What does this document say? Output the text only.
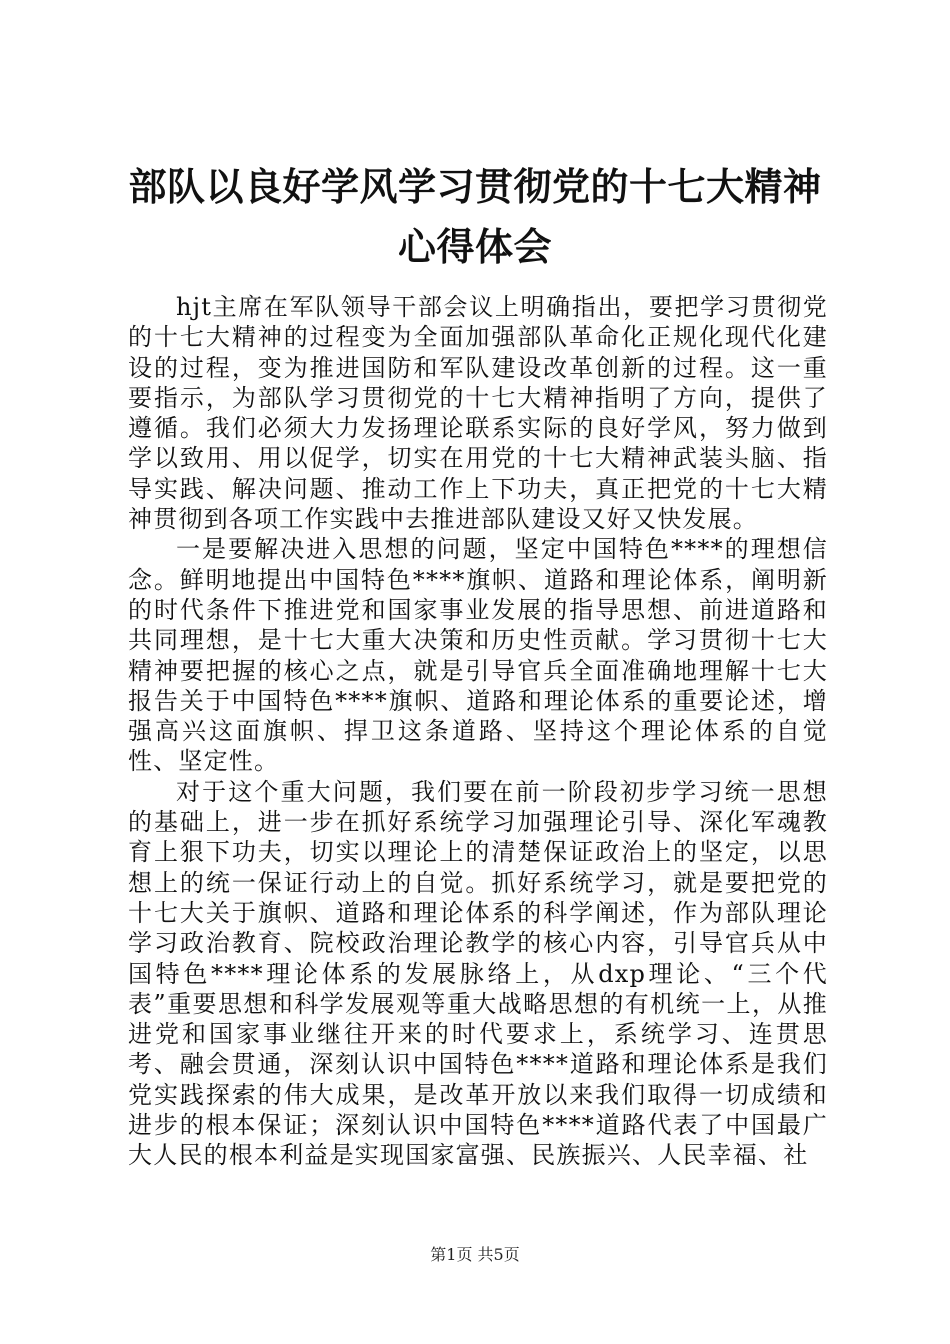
部队以良好学风学习贯彻党的十七大精神心得体会

hjt主席在军队领导干部会议上明确指出，要把学习贯彻党的十七大精神的过程变为全面加强部队革命化正规化现代化建设的过程，变为推进国防和军队建设改革创新的过程。这一重要指示，为部队学习贯彻党的十七大精神指明了方向，提供了遵循。我们必须大力发扬理论联系实际的良好学风，努力做到学以致用、用以促学，切实在用党的十七大精神武装头脑、指导实践、解决问题、推动工作上下功夫，真正把党的十七大精神贯彻到各项工作实践中去推进部队建设又好又快发展。

一是要解决进入思想的问题，坚定中国特色****的理想信念。鲜明地提出中国特色****旗帜、道路和理论体系，阐明新的时代条件下推进党和国家事业发展的指导思想、前进道路和共同理想，是十七大重大决策和历史性贡献。学习贯彻十七大精神要把握的核心之点，就是引导官兵全面准确地理解十七大报告关于中国特色****旗帜、道路和理论体系的重要论述，增强高兴这面旗帜、捍卫这条道路、坚持这个理论体系的自觉性、坚定性。

对于这个重大问题，我们要在前一阶段初步学习统一思想的基础上，进一步在抓好系统学习加强理论引导、深化军魂教育上狠下功夫，切实以理论上的清楚保证政治上的坚定，以思想上的统一保证行动上的自觉。抓好系统学习，就是要把党的十七大关于旗帜、道路和理论体系的科学阐述，作为部队理论学习政治教育、院校政治理论教学的核心内容，引导官兵从中国特色****理论体系的发展脉络上，从dxp理论、“三个代表”重要思想和科学发展观等重大战略思想的有机统一上，从推进党和国家事业继往开来的时代要求上，系统学习、连贯思考、融会贯通，深刻认识中国特色****道路和理论体系是我们党实践探索的伟大成果，是改革开放以来我们取得一切成绩和进步的根本保证；深刻认识中国特色****道路代表了中国最广大人民的根本利益是实现国家富强、民族振兴、人民幸福、社

第1页 共5页
